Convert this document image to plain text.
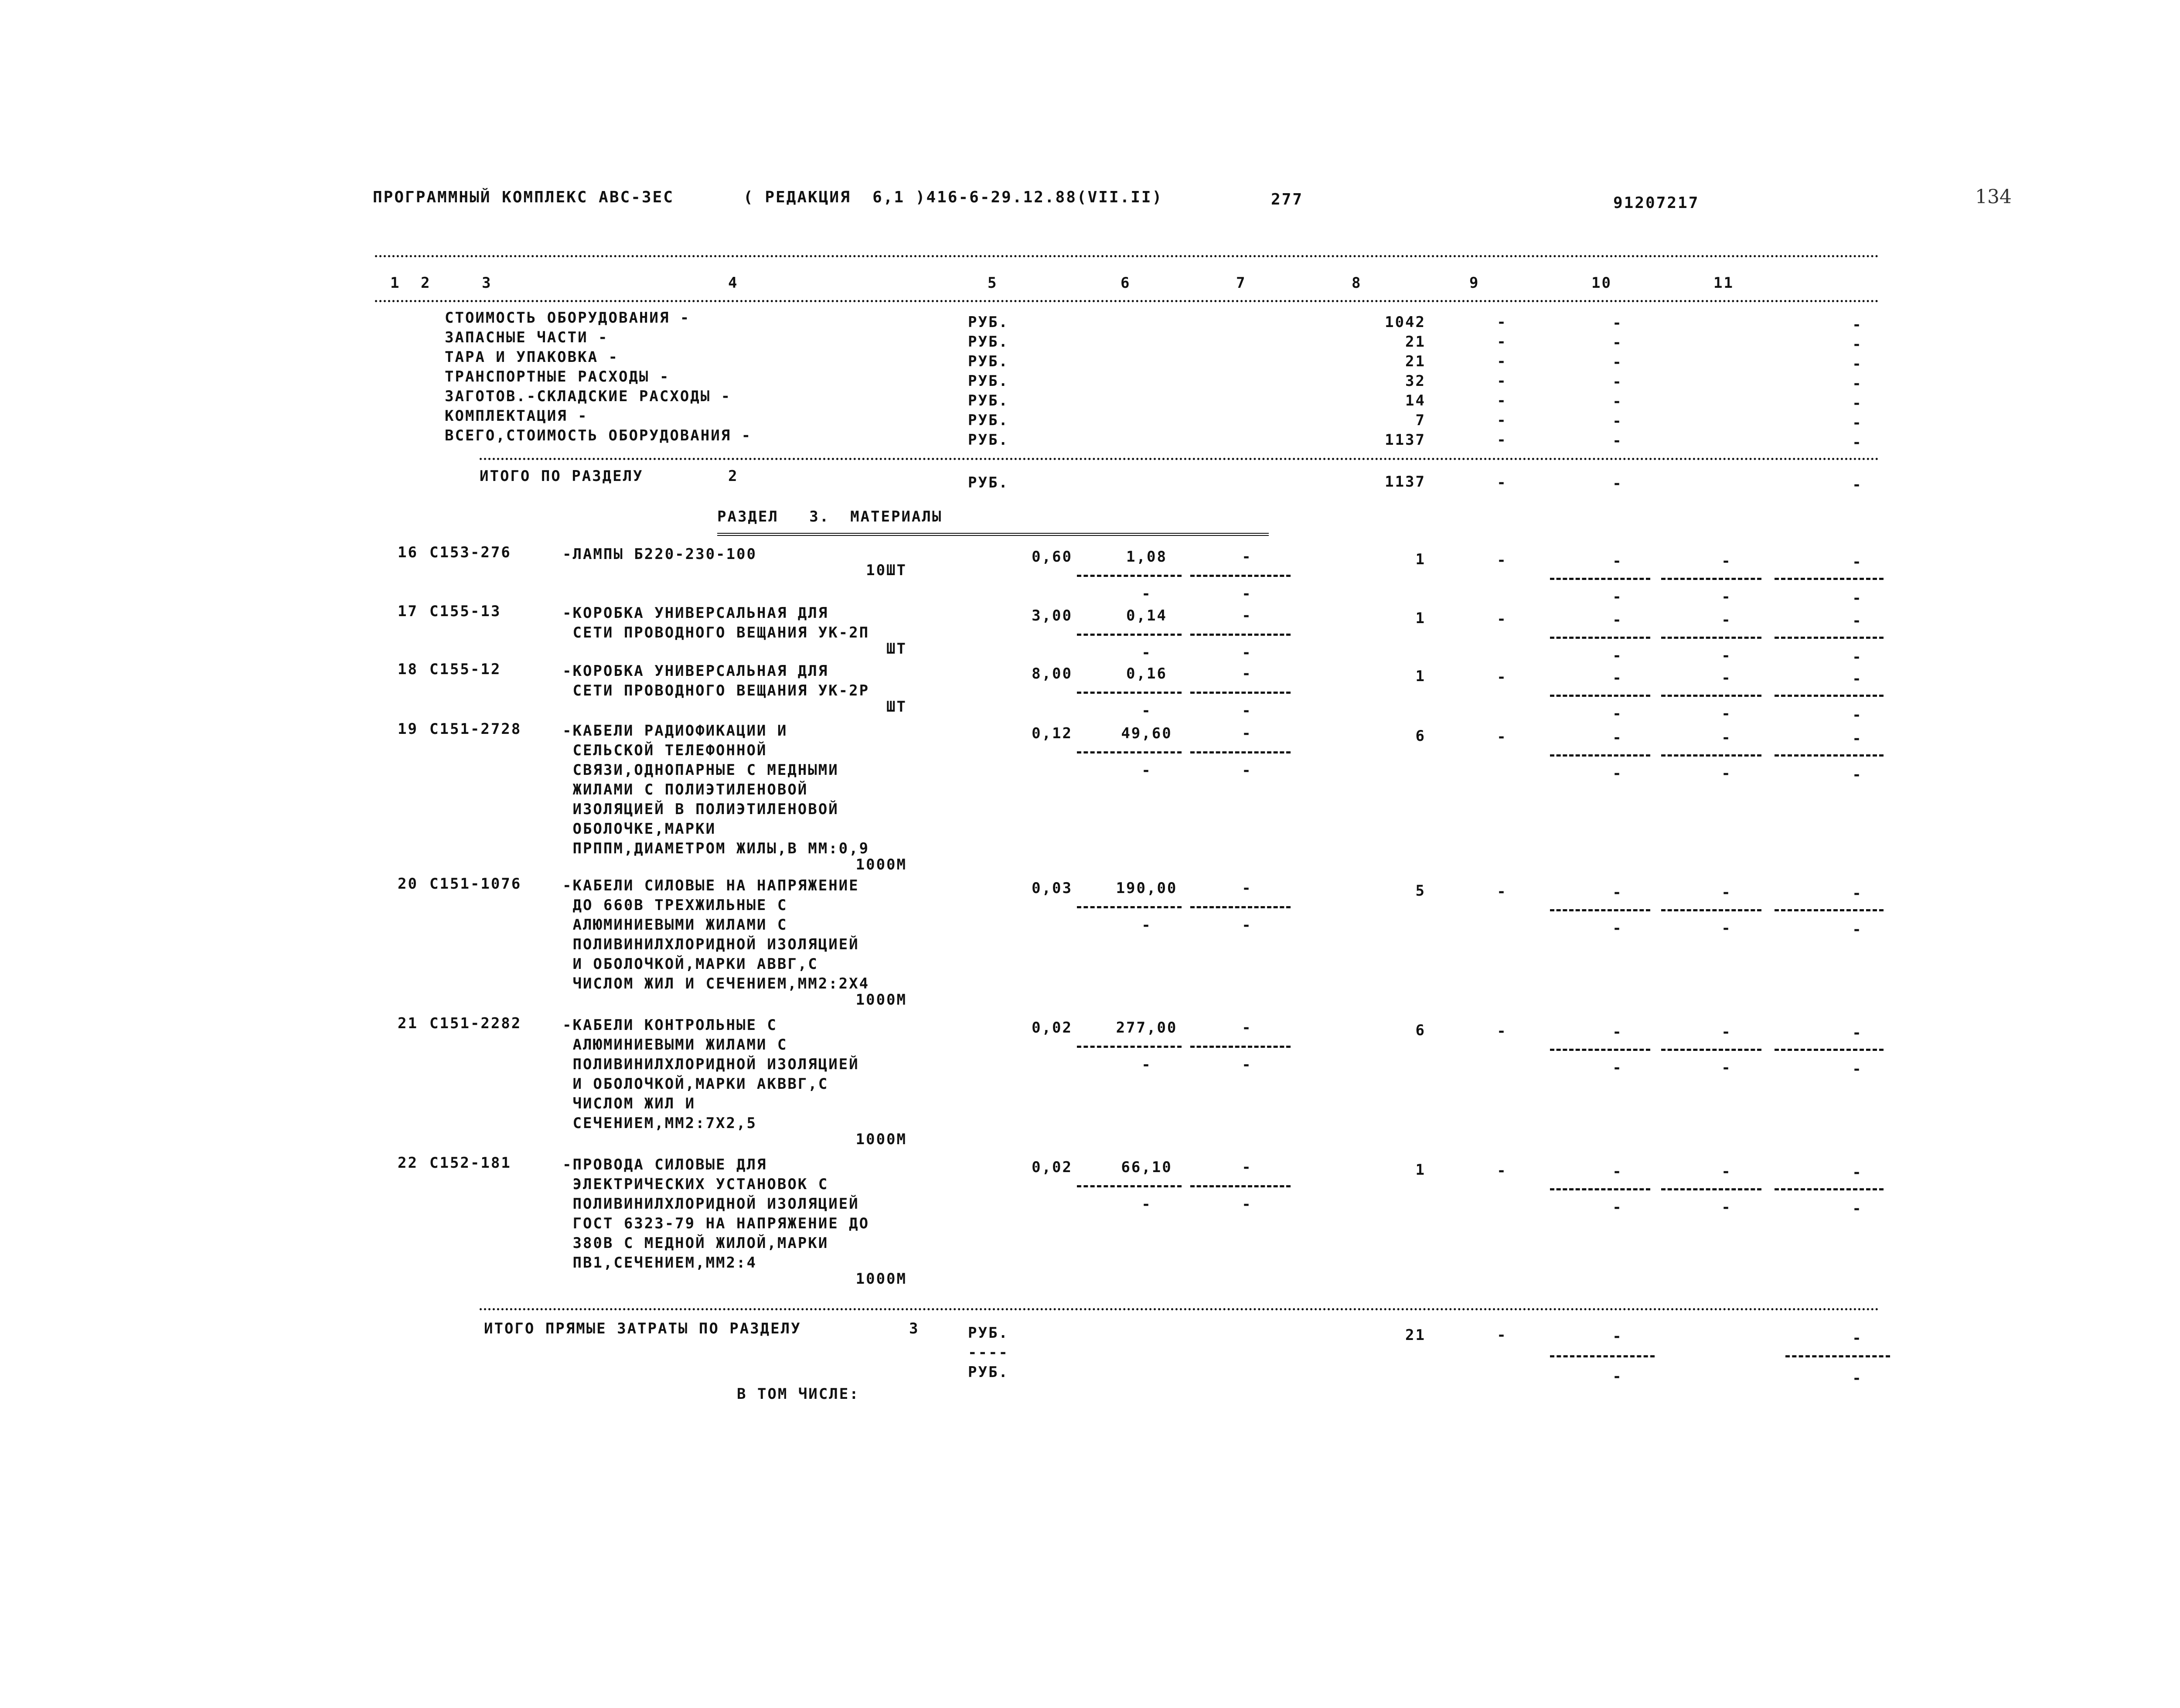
ПРОГРАММНЫЙ КОМПЛЕКС АВС-3ЕС	( РЕДАКЦИЯ  6,1 )416-6-29.12.88(VII.II)	277	91207217	134
1 2	3	4	5	6	7	8	9	10	11
СТОИМОСТЬ ОБОРУДОВАНИЯ -	РУБ.	1042	-	-	-
ЗАПАСНЫЕ ЧАСТИ -	РУБ.	21	-	-	-
ТАРА И УПАКОВКА -	РУБ.	21	-	-	-
ТРАНСПОРТНЫЕ РАСХОДЫ -	РУБ.	32	-	-	-
ЗАГОТОВ.-СКЛАДСКИЕ РАСХОДЫ -	РУБ.	14	-	-	-
КОМПЛЕКТАЦИЯ -	РУБ.	7	-	-	-
ВСЕГО,СТОИМОСТЬ ОБОРУДОВАНИЯ -	РУБ.	1137	-	-	-
ИТОГО ПО РАЗДЕЛУ	2	РУБ.	1137	-	-	-
РАЗДЕЛ   3.  МАТЕРИАЛЫ
16 С153-276	-ЛАМПЫ Б220-230-100
10ШТ
0,60	1,08	-	1	-	-	-	-
-	-	-	-	-
17 С155-13	-КОРОБКА УНИВЕРСАЛЬНАЯ ДЛЯ
СЕТИ ПРОВОДНОГО ВЕЩАНИЯ УК-2П
ШТ
3,00	0,14	-	1	-	-	-	-
-	-	-	-	-
18 С155-12	-КОРОБКА УНИВЕРСАЛЬНАЯ ДЛЯ
СЕТИ ПРОВОДНОГО ВЕЩАНИЯ УК-2Р
ШТ
8,00	0,16	-	1	-	-	-	-
-	-	-	-	-
19 С151-2728	-КАБЕЛИ РАДИОФИКАЦИИ И
СЕЛЬСКОЙ ТЕЛЕФОННОЙ
СВЯЗИ,ОДНОПАРНЫЕ С МЕДНЫМИ
ЖИЛАМИ С ПОЛИЭТИЛЕНОВОЙ
ИЗОЛЯЦИЕЙ В ПОЛИЭТИЛЕНОВОЙ
ОБОЛОЧКЕ,МАРКИ
ПРППМ,ДИАМЕТРОМ ЖИЛЫ,В ММ:0,9
1000М
0,12	49,60	-	6	-	-	-	-
-	-	-	-	-
20 С151-1076	-КАБЕЛИ СИЛОВЫЕ НА НАПРЯЖЕНИЕ
ДО 660В ТРЕХЖИЛЬНЫЕ С
АЛЮМИНИЕВЫМИ ЖИЛАМИ С
ПОЛИВИНИЛХЛОРИДНОЙ ИЗОЛЯЦИЕЙ
И ОБОЛОЧКОЙ,МАРКИ АВВГ,С
ЧИСЛОМ ЖИЛ И СЕЧЕНИЕМ,ММ2:2Х4
1000М
0,03	190,00	-	5	-	-	-	-
-	-	-	-	-
21 С151-2282	-КАБЕЛИ КОНТРОЛЬНЫЕ С
АЛЮМИНИЕВЫМИ ЖИЛАМИ С
ПОЛИВИНИЛХЛОРИДНОЙ ИЗОЛЯЦИЕЙ
И ОБОЛОЧКОЙ,МАРКИ АКВВГ,С
ЧИСЛОМ ЖИЛ И
СЕЧЕНИЕМ,ММ2:7Х2,5
1000М
0,02	277,00	-	6	-	-	-	-
-	-	-	-	-
22 С152-181	-ПРОВОДА СИЛОВЫЕ ДЛЯ
ЭЛЕКТРИЧЕСКИХ УСТАНОВОК С
ПОЛИВИНИЛХЛОРИДНОЙ ИЗОЛЯЦИЕЙ
ГОСТ 6323-79 НА НАПРЯЖЕНИЕ ДО
380В С МЕДНОЙ ЖИЛОЙ,МАРКИ
ПВ1,СЕЧЕНИЕМ,ММ2:4
1000М
0,02	66,10	-	1	-	-	-	-
-	-	-	-	-
ИТОГО ПРЯМЫЕ ЗАТРАТЫ ПО РАЗДЕЛУ	3	РУБ.	21	-	-	-
----
РУБ.	-	-
В ТОМ ЧИСЛЕ:
